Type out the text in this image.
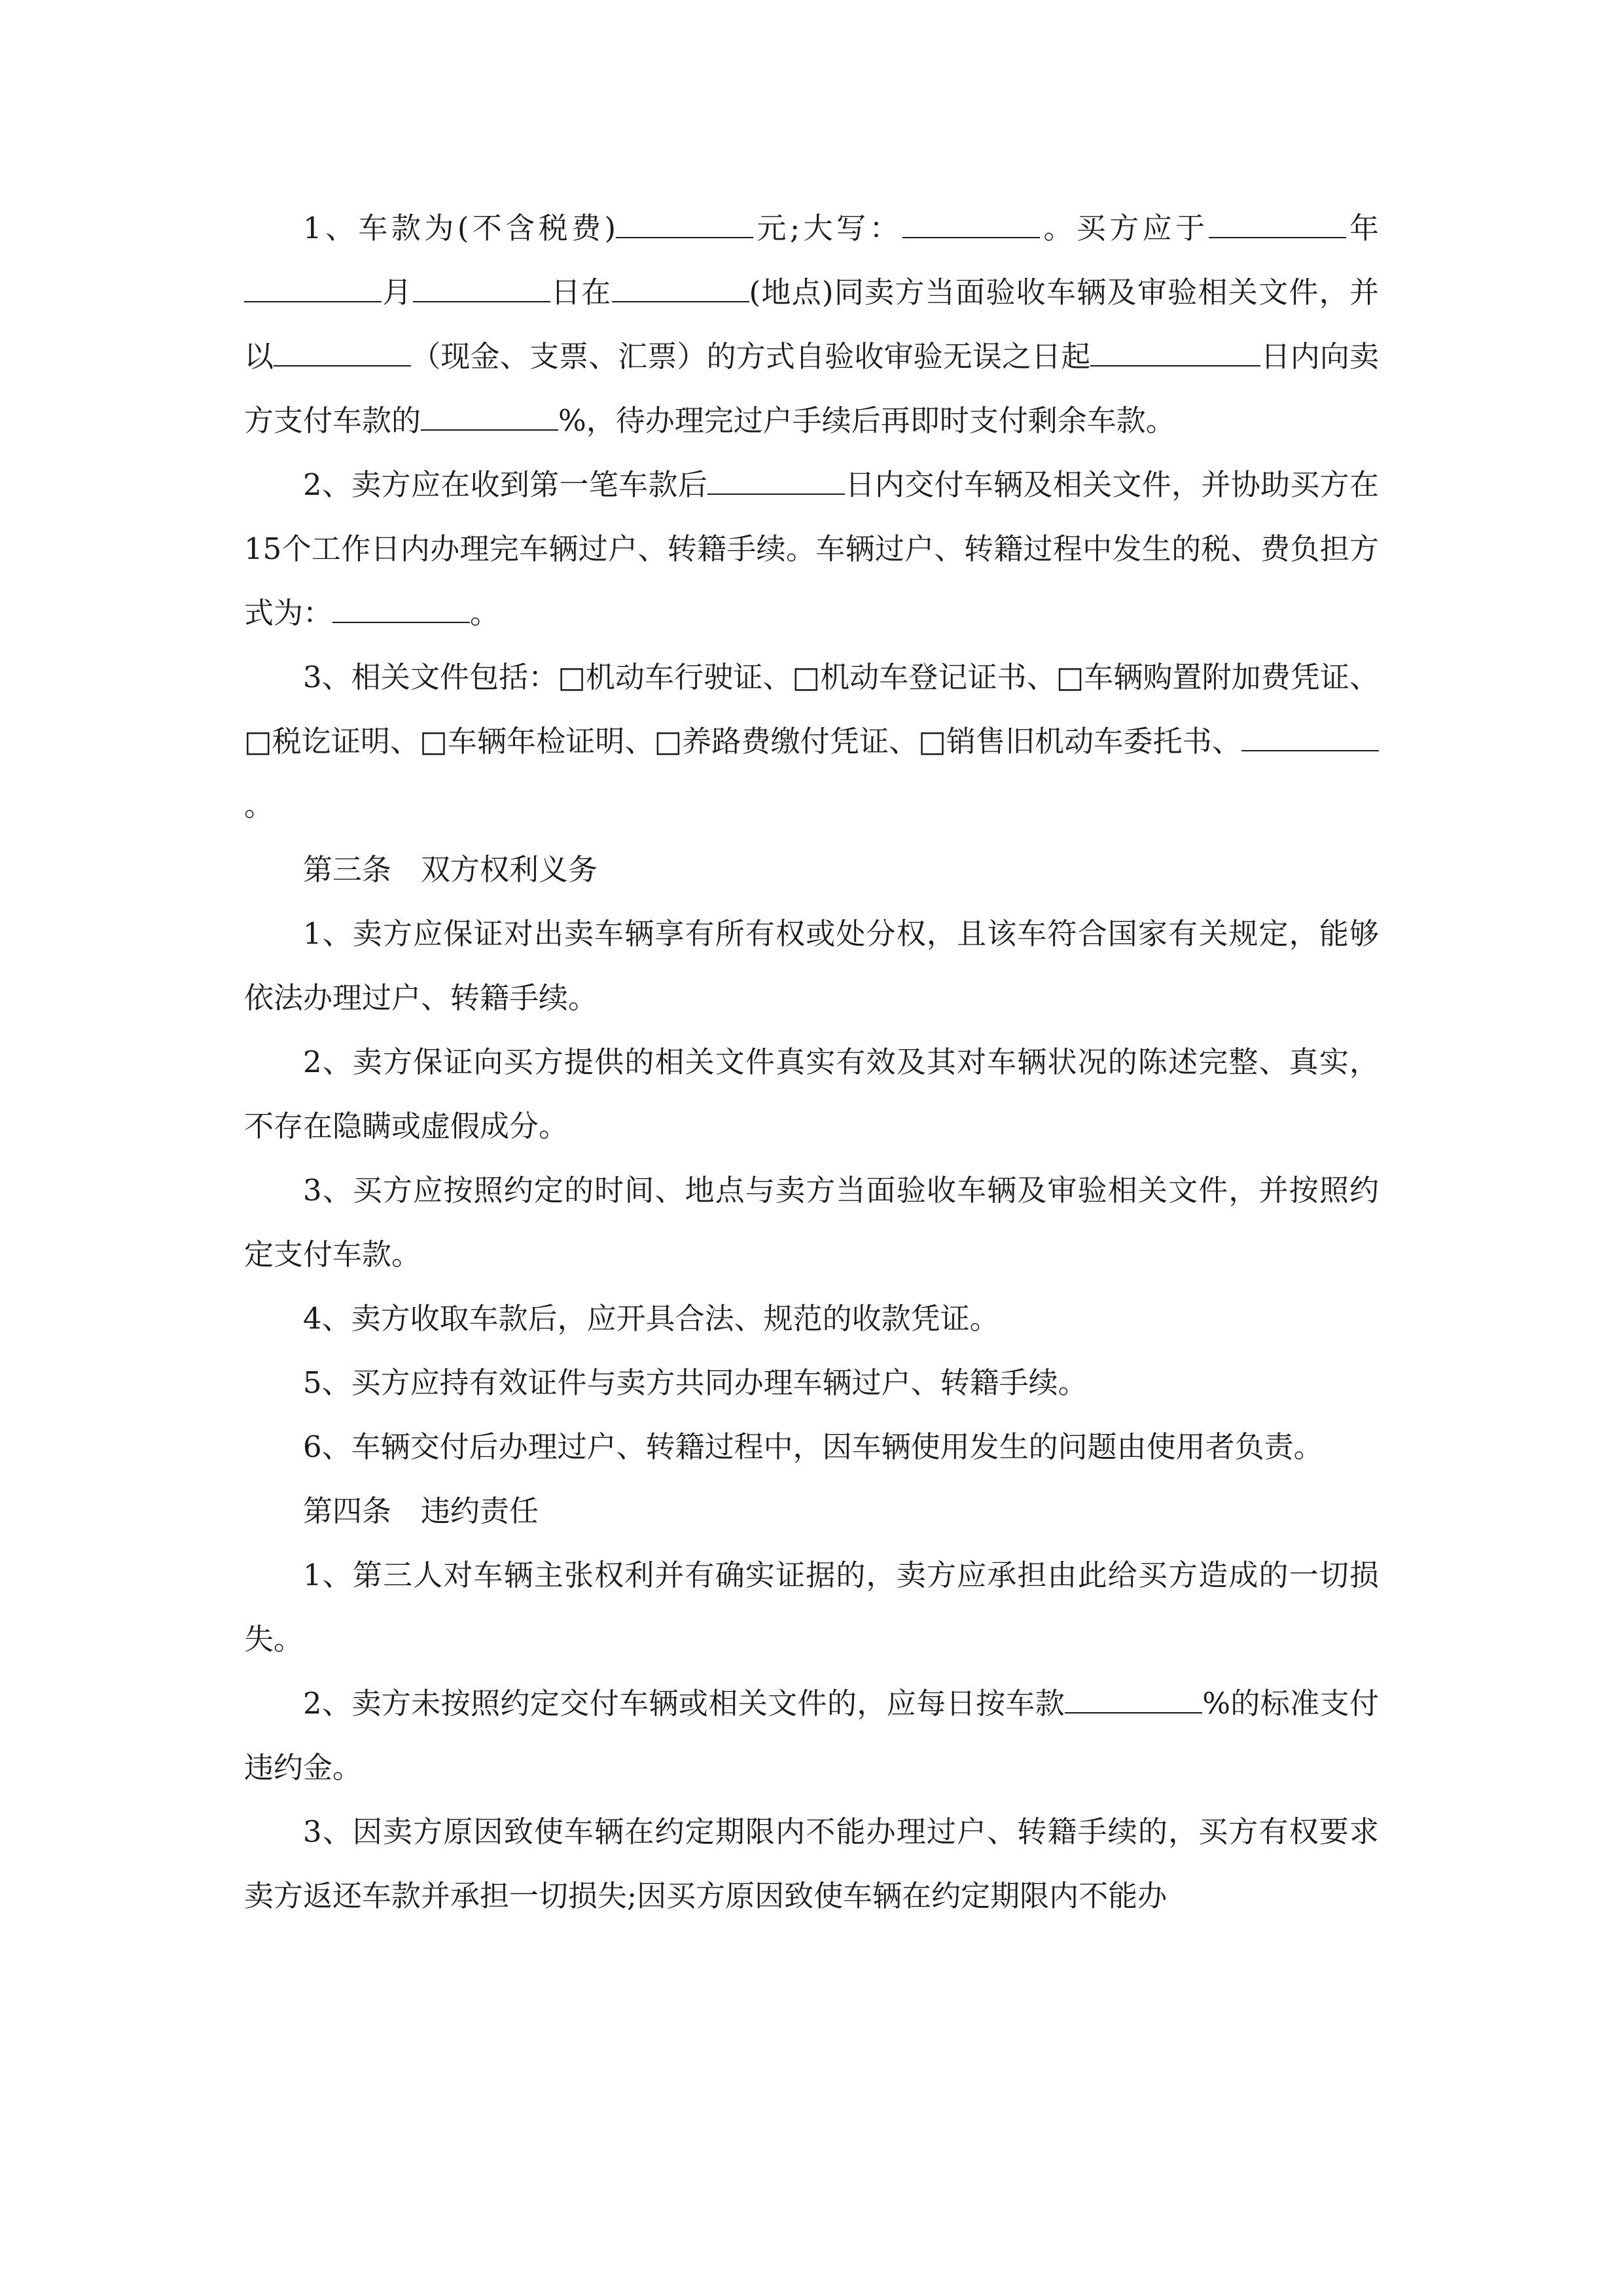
1、车款为(不含税费)	元;大写：	。买方应于	年月	日在	(地点)同卖方当面验收车辆及审验相关文件，并以	（现金、支票、汇票）的方式自验收审验无误之日起	日内向卖方支付车款的	%，待办理完过户手续后再即时支付剩余车款。

2、卖方应在收到第一笔车款后	日内交付车辆及相关文件，并协助买方在15个工作日内办理完车辆过户、转籍手续。车辆过户、转籍过程中发生的税、费负担方式为：	。

3、相关文件包括：□机动车行驶证、□机动车登记证书、□车辆购置附加费凭证、□税讫证明、□车辆年检证明、□养路费缴付凭证、□销售旧机动车委托书、。

第三条　双方权利义务

1、卖方应保证对出卖车辆享有所有权或处分权，且该车符合国家有关规定，能够依法办理过户、转籍手续。

2、卖方保证向买方提供的相关文件真实有效及其对车辆状况的陈述完整、真实，不存在隐瞒或虚假成分。

3、买方应按照约定的时间、地点与卖方当面验收车辆及审验相关文件，并按照约定支付车款。

4、卖方收取车款后，应开具合法、规范的收款凭证。

5、买方应持有效证件与卖方共同办理车辆过户、转籍手续。

6、车辆交付后办理过户、转籍过程中，因车辆使用发生的问题由使用者负责。

第四条　违约责任

1、第三人对车辆主张权利并有确实证据的，卖方应承担由此给买方造成的一切损失。

2、卖方未按照约定交付车辆或相关文件的，应每日按车款	%的标准支付违约金。

3、因卖方原因致使车辆在约定期限内不能办理过户、转籍手续的，买方有权要求卖方返还车款并承担一切损失;因买方原因致使车辆在约定期限内不能办
